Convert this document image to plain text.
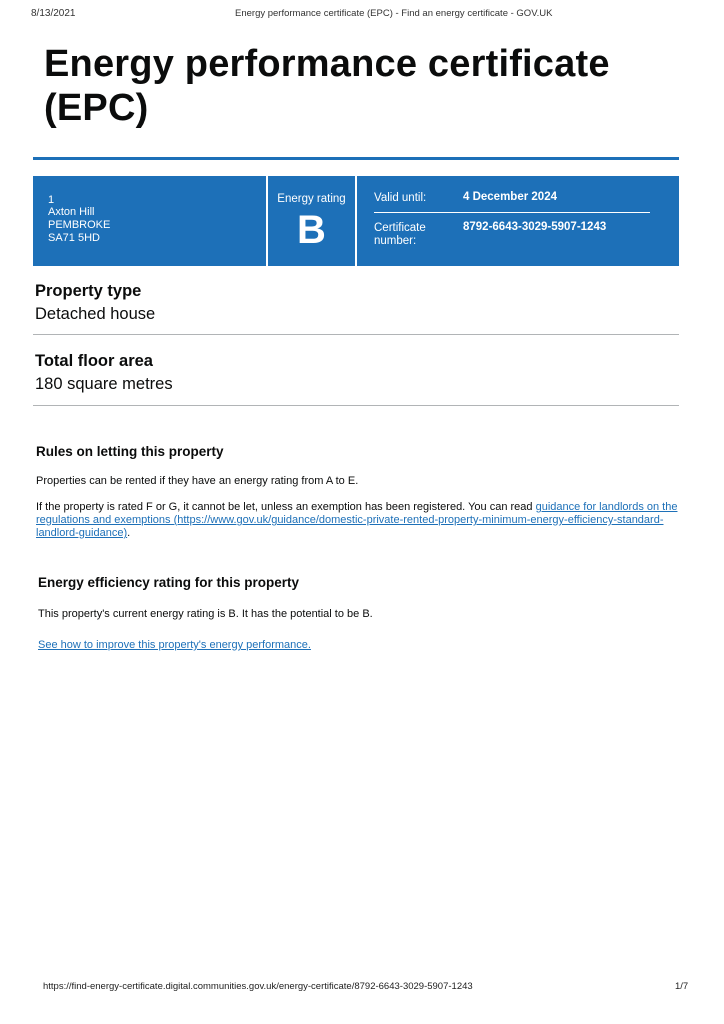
8/13/2021	Energy performance certificate (EPC) - Find an energy certificate - GOV.UK
Energy performance certificate (EPC)
1
Axton Hill
PEMBROKE
SA71 5HD
Energy rating
B
Valid until:	4 December 2024
Certificate
number:
8792-6643-3029-5907-1243
Property type
Detached house
Total floor area
180 square metres
Rules on letting this property
Properties can be rented if they have an energy rating from A to E.
If the property is rated F or G, it cannot be let, unless an exemption has been registered. You can read guidance for landlords on the regulations and exemptions (https://www.gov.uk/guidance/domestic-private-rented-property-minimum-energy-efficiency-standard-landlord-guidance).
Energy efficiency rating for this property
This property's current energy rating is B. It has the potential to be B.
See how to improve this property's energy performance.
https://find-energy-certificate.digital.communities.gov.uk/energy-certificate/8792-6643-3029-5907-1243	1/7
